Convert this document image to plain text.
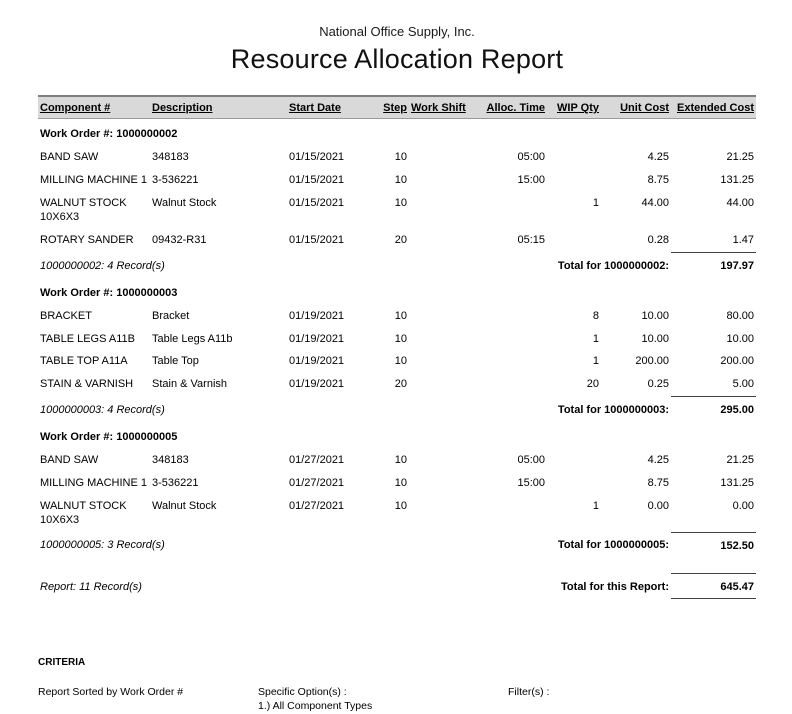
National Office Supply, Inc.
Resource Allocation Report
Component #	Description	Start Date	Step	Work Shift	Alloc. Time	WIP Qty	Unit Cost	Extended Cost
Work Order #: 1000000002								
BAND SAW	348183	01/15/2021	10		05:00		4.25	21.25
MILLING MACHINE 1	3-536221	01/15/2021	10		15:00		8.75	131.25
WALNUT STOCK 10X6X3	Walnut Stock	01/15/2021	10			1	44.00	44.00
ROTARY SANDER	09432-R31	01/15/2021	20		05:15		0.28	1.47
1000000002: 4 Record(s)			Total for 1000000002:					197.97
Work Order #: 1000000003								
BRACKET	Bracket	01/19/2021	10			8	10.00	80.00
TABLE LEGS A11B	Table Legs A11b	01/19/2021	10			1	10.00	10.00
TABLE TOP A11A	Table Top	01/19/2021	10			1	200.00	200.00
STAIN & VARNISH	Stain & Varnish	01/19/2021	20			20	0.25	5.00
1000000003: 4 Record(s)			Total for 1000000003:					295.00
Work Order #: 1000000005								
BAND SAW	348183	01/27/2021	10		05:00		4.25	21.25
MILLING MACHINE 1	3-536221	01/27/2021	10		15:00		8.75	131.25
WALNUT STOCK 10X6X3	Walnut Stock	01/27/2021	10			1	0.00	0.00
1000000005: 3 Record(s)			Total for 1000000005:					152.50

Report: 11 Record(s)			Total for this Report:					645.47
CRITERIA
Report Sorted by Work Order #	Specific Option(s) :
1.) All Component Types
Filter(s) :
